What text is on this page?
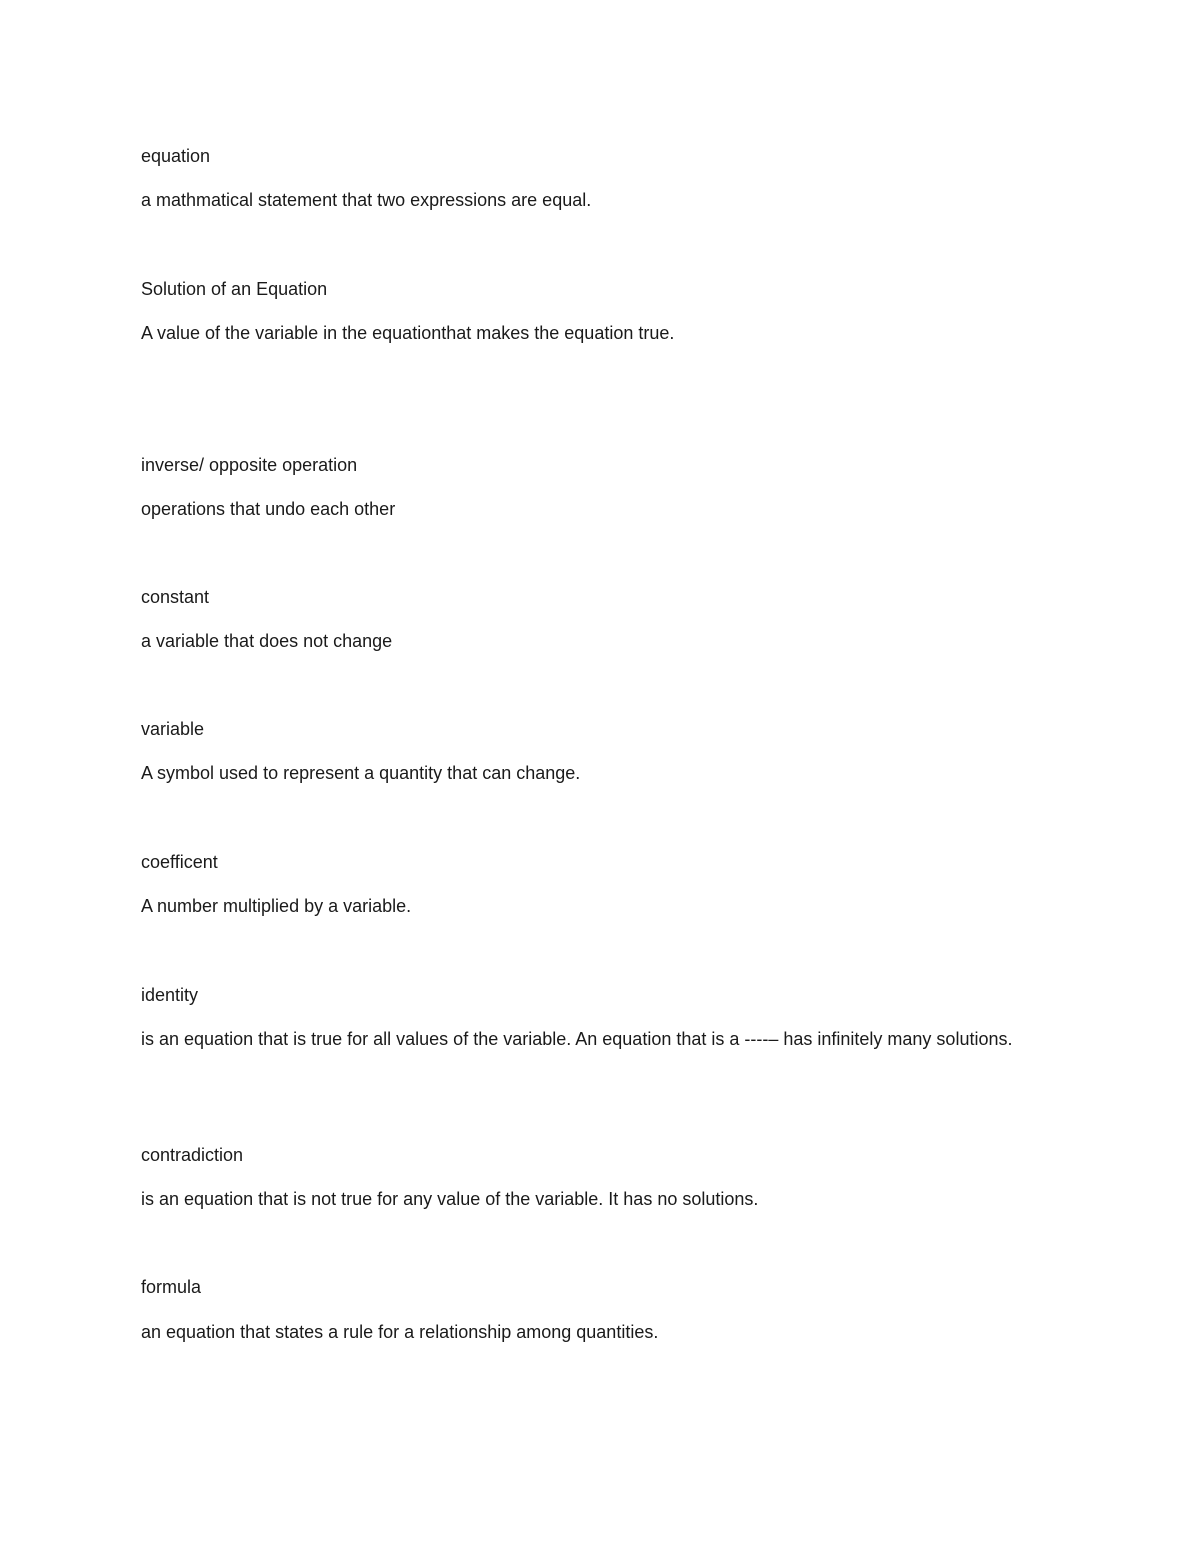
equation

a mathmatical statement that two expressions are equal.

Solution of an Equation

A value of the variable in the equationthat makes the equation true.

inverse/ opposite operation

operations that undo each other

constant

a variable that does not change

variable

A symbol used to represent a quantity that can change.

coefficent

A number multiplied by a variable.

identity

is an equation that is true for all values of the variable. An equation that is a ----– has infinitely many solutions.

contradiction

is an equation that is not true for any value of the variable. It has no solutions.

formula

an equation that states a rule for a relationship among quantities.
